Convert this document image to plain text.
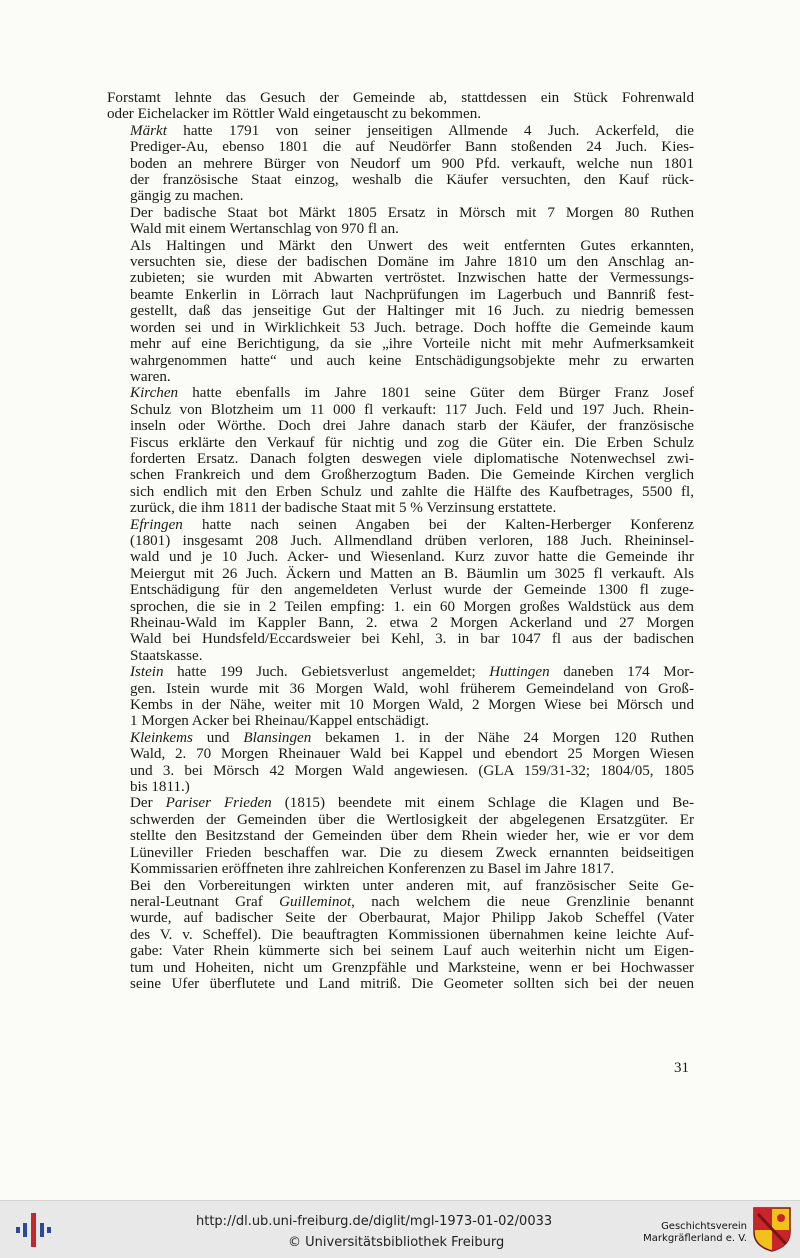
Forstamt lehnte das Gesuch der Gemeinde ab, stattdessen ein Stück Fohrenwald
oder Eichelacker im Röttler Wald eingetauscht zu bekommen.

Märkt hatte 1791 von seiner jenseitigen Allmende 4 Juch. Ackerfeld, die
Prediger-Au, ebenso 1801 die auf Neudörfer Bann stoßenden 24 Juch. Kies-
boden an mehrere Bürger von Neudorf um 900 Pfd. verkauft, welche nun 1801
der französische Staat einzog, weshalb die Käufer versuchten, den Kauf rück-
gängig zu machen.

Der badische Staat bot Märkt 1805 Ersatz in Mörsch mit 7 Morgen 80 Ruthen
Wald mit einem Wertanschlag von 970 fl an.

Als Haltingen und Märkt den Unwert des weit entfernten Gutes erkannten,
versuchten sie, diese der badischen Domäne im Jahre 1810 um den Anschlag an-
zubieten; sie wurden mit Abwarten vertröstet. Inzwischen hatte der Vermessungs-
beamte Enkerlin in Lörrach laut Nachprüfungen im Lagerbuch und Bannriß fest-
gestellt, daß das jenseitige Gut der Haltinger mit 16 Juch. zu niedrig bemessen
worden sei und in Wirklichkeit 53 Juch. betrage. Doch hoffte die Gemeinde kaum
mehr auf eine Berichtigung, da sie „ihre Vorteile nicht mit mehr Aufmerksamkeit
wahrgenommen hatte“ und auch keine Entschädigungsobjekte mehr zu erwarten
waren.

Kirchen hatte ebenfalls im Jahre 1801 seine Güter dem Bürger Franz Josef
Schulz von Blotzheim um 11 000 fl verkauft: 117 Juch. Feld und 197 Juch. Rhein-
inseln oder Wörthe. Doch drei Jahre danach starb der Käufer, der französische
Fiscus erklärte den Verkauf für nichtig und zog die Güter ein. Die Erben Schulz
forderten Ersatz. Danach folgten deswegen viele diplomatische Notenwechsel zwi-
schen Frankreich und dem Großherzogtum Baden. Die Gemeinde Kirchen verglich
sich endlich mit den Erben Schulz und zahlte die Hälfte des Kaufbetrages, 5500 fl,
zurück, die ihm 1811 der badische Staat mit 5 % Verzinsung erstattete.

Efringen hatte nach seinen Angaben bei der Kalten-Herberger Konferenz
(1801) insgesamt 208 Juch. Allmendland drüben verloren, 188 Juch. Rheininsel-
wald und je 10 Juch. Acker- und Wiesenland. Kurz zuvor hatte die Gemeinde ihr
Meiergut mit 26 Juch. Äckern und Matten an B. Bäumlin um 3025 fl verkauft. Als
Entschädigung für den angemeldeten Verlust wurde der Gemeinde 1300 fl zuge-
sprochen, die sie in 2 Teilen empfing: 1. ein 60 Morgen großes Waldstück aus dem
Rheinau-Wald im Kappler Bann, 2. etwa 2 Morgen Ackerland und 27 Morgen
Wald bei Hundsfeld/Eccardsweier bei Kehl, 3. in bar 1047 fl aus der badischen
Staatskasse.

Istein hatte 199 Juch. Gebietsverlust angemeldet; Huttingen daneben 174 Mor-
gen. Istein wurde mit 36 Morgen Wald, wohl früherem Gemeindeland von Groß-
Kembs in der Nähe, weiter mit 10 Morgen Wald, 2 Morgen Wiese bei Mörsch und
1 Morgen Acker bei Rheinau/Kappel entschädigt.

Kleinkems und Blansingen bekamen 1. in der Nähe 24 Morgen 120 Ruthen
Wald, 2. 70 Morgen Rheinauer Wald bei Kappel und ebendort 25 Morgen Wiesen
und 3. bei Mörsch 42 Morgen Wald angewiesen. (GLA 159/31-32; 1804/05, 1805
bis 1811.)

Der Pariser Frieden (1815) beendete mit einem Schlage die Klagen und Be-
schwerden der Gemeinden über die Wertlosigkeit der abgelegenen Ersatzgüter. Er
stellte den Besitzstand der Gemeinden über dem Rhein wieder her, wie er vor dem
Lüneviller Frieden beschaffen war. Die zu diesem Zweck ernannten beidseitigen
Kommissarien eröffneten ihre zahlreichen Konferenzen zu Basel im Jahre 1817.

Bei den Vorbereitungen wirkten unter anderen mit, auf französischer Seite Ge-
neral-Leutnant Graf Guilleminot, nach welchem die neue Grenzlinie benannt
wurde, auf badischer Seite der Oberbaurat, Major Philipp Jakob Scheffel (Vater
des V. v. Scheffel). Die beauftragten Kommissionen übernahmen keine leichte Auf-
gabe: Vater Rhein kümmerte sich bei seinem Lauf auch weiterhin nicht um Eigen-
tum und Hoheiten, nicht um Grenzpfähle und Marksteine, wenn er bei Hochwasser
seine Ufer überflutete und Land mitriß. Die Geometer sollten sich bei der neuen

31
http://dl.ub.uni-freiburg.de/diglit/mgl-1973-01-02/0033
© Universitätsbibliothek Freiburg
Geschichtsverein
Markgräflerland e. V.
